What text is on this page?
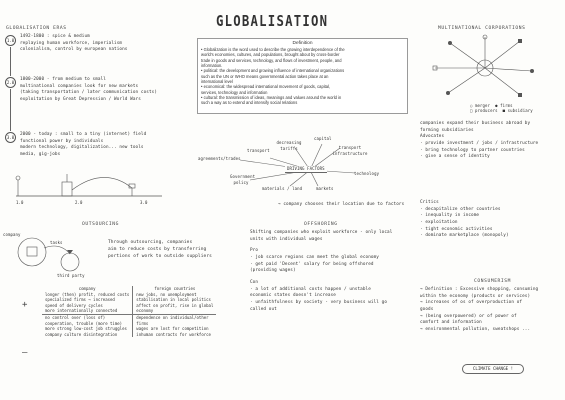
GLOBALISATION
GLOBALISATION ERAS
1.0
1492-1800 : spice & medium
replaying human workforce, imperialism
colonialism, control by european nations
2.0
1800-2000 - from medium to small
multinational companies look for new markets
(taking transportation / later communication costs)
exploitation by Great Depression / World Wars
3.0
2000 - today : small to a tiny (internet) field
functional power by individuals
modern technology, digitalization... new tools
media, gig-jobs
1.0	2.0	3.0
Definition
• Globalization is the word used to describe the growing interdependence of the
world's economies, cultures, and populations, brought about by cross-border
trade in goods and services, technology, and flows of investment, people, and
information.
• political: the development and growing influence of international organizations
such as the UN or WHO means governmental action takes place at an
international level
• economical: the widespread international movement of goods, capital,
services, technology and information
• cultural: the transmission of ideas, meanings and values around the world in
such a way as to extend and intensify social relations
DRIVING FACTORS
transport
decreasing tariffs
capital
transport infrastructure
agreements/trades
technology
Government policy
materials / land	markets
→ company chooses their location due to factors
MULTINATIONAL CORPORATIONS
○ merger ● firms
□ producers ■ subsidiary
companies expand their business abroad by
forming subsidiaries
Advocates
· provide investment / jobs / infrastructure
· bring technology to partner countries
· give a sense of identity
Critics
· decapitalize other countries
· inequality in income
· exploitation
· tight economic activities
· dominate marketplace (monopoly)
OUTSOURCING
company
tasks
third party
Through outsourcing, companies
aim to reduce costs by transferring
portions of work to outside suppliers
+
—
company	foreign countries
longer (then) profit, reduced costs	new jobs, no unemployment
specialized firms → increased	stabilisation in local politics
speed of delivery cycles	affect on profit, rise in global
more internationally connected	economy
no control over (loss of)	dependence on individual/other
cooperation, trouble (more time)	firms
more strong low-cost job struggles	wages are lost for competition
company culture disintegration	inhuman contracts for workforce
OFFSHORING
Shifting companies who exploit workforce - only local
units with individual wages
Pro
· job scarce regions can meet the global economy
· get paid 'Decent' salary for being offshored
(providing wages)
Con
· a lot of additional costs happen / unstable
economic states doesn't increase
· unfaithfulness by society - very business will go
called out
CONSUMERISM
→ Definition : Excessive shopping, consuming
within the economy (products or services)
→ increases of os of overproduction of
goods
→ (being overpowered) or of power of
comfort and information
→ environmental pollution, sweatshops ...
CLIMATE CHANGE !
